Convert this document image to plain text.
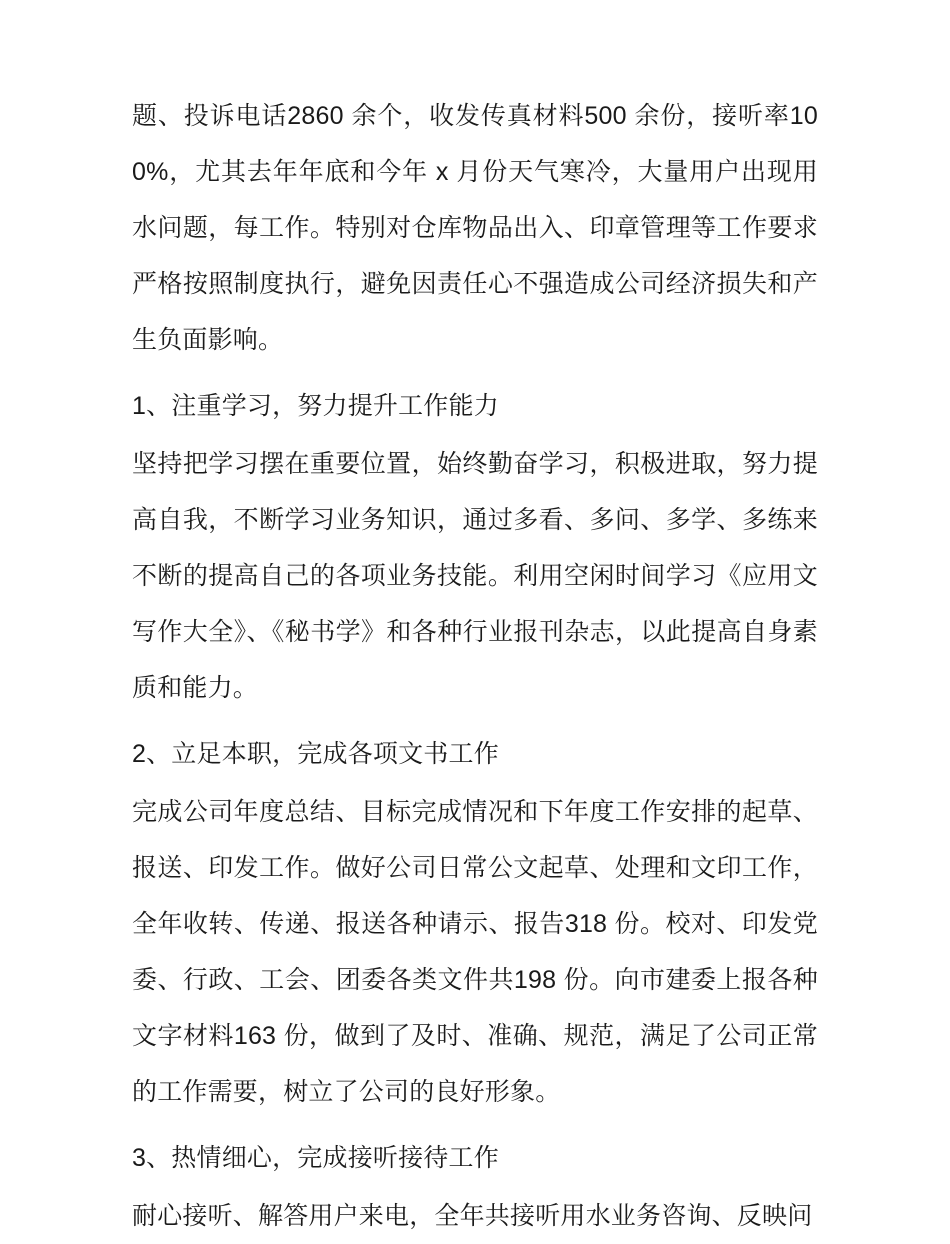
题、投诉电话2860 余个，收发传真材料500 余份，接听率100%，尤其去年年底和今年 x 月份天气寒冷，大量用户出现用水问题，每工作。特别对仓库物品出入、印章管理等工作要求严格按照制度执行，避免因责任心不强造成公司经济损失和产生负面影响。

1、注重学习，努力提升工作能力

坚持把学习摆在重要位置，始终勤奋学习，积极进取，努力提高自我，不断学习业务知识，通过多看、多问、多学、多练来不断的提高自己的各项业务技能。利用空闲时间学习《应用文写作大全》、《秘书学》和各种行业报刊杂志，以此提高自身素质和能力。

2、立足本职，完成各项文书工作

完成公司年度总结、目标完成情况和下年度工作安排的起草、报送、印发工作。做好公司日常公文起草、处理和文印工作，全年收转、传递、报送各种请示、报告318 份。校对、印发党委、行政、工会、团委各类文件共198 份。向市建委上报各种文字材料163 份，做到了及时、准确、规范，满足了公司正常的工作需要，树立了公司的良好形象。

3、热情细心，完成接听接待工作

耐心接听、解答用户来电，全年共接听用水业务咨询、反映问
